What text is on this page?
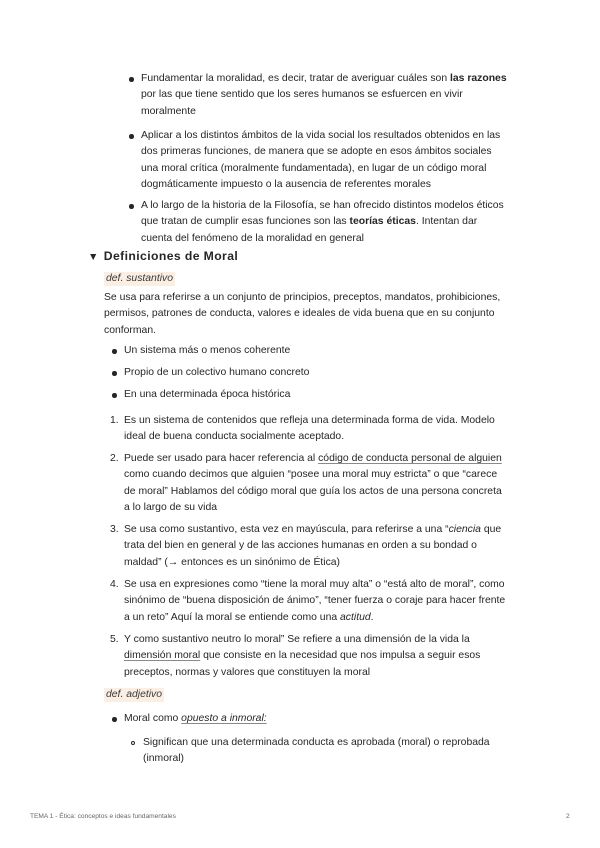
Fundamentar la moralidad, es decir, tratar de averiguar cuáles son las razones
por las que tiene sentido que los seres humanos se esfuercen en vivir
moralmente
Aplicar a los distintos ámbitos de la vida social los resultados obtenidos en las
dos primeras funciones, de manera que se adopte en esos ámbitos sociales
una moral crítica (moralmente fundamentada), en lugar de un código moral
dogmáticamente impuesto o la ausencia de referentes morales
A lo largo de la historia de la Filosofía, se han ofrecido distintos modelos éticos
que tratan de cumplir esas funciones son las teorías éticas. Intentan dar
cuenta del fenómeno de la moralidad en general
▼ Definiciones de Moral
def. sustantivo
Se usa para referirse a un conjunto de principios, preceptos, mandatos, prohibiciones,
permisos, patrones de conducta, valores e ideales de vida buena que en su conjunto
conforman.
Un sistema más o menos coherente
Propio de un colectivo humano concreto
En una determinada época histórica
1. Es un sistema de contenidos que refleja una determinada forma de vida. Modelo
ideal de buena conducta socialmente aceptado.
2. Puede ser usado para hacer referencia al código de conducta personal de alguien
como cuando decimos que alguien “posee una moral muy estricta” o que “carece
de moral” Hablamos del código moral que guía los actos de una persona concreta
a lo largo de su vida
3. Se usa como sustantivo, esta vez en mayúscula, para referirse a una “ciencia que
trata del bien en general y de las acciones humanas en orden a su bondad o
maldad” (→ entonces es un sinónimo de Ética)
4. Se usa en expresiones como “tiene la moral muy alta” o “está alto de moral”, como
sinónimo de “buena disposición de ánimo”, “tener fuerza o coraje para hacer frente
a un reto” Aquí la moral se entiende como una actitud.
5. Y como sustantivo neutro lo moral” Se refiere a una dimensión de la vida la
dimensión moral que consiste en la necesidad que nos impulsa a seguir esos
preceptos, normas y valores que constituyen la moral
def. adjetivo
Moral como opuesto a inmoral:
Significan que una determinada conducta es aprobada (moral) o reprobada
(inmoral)
TEMA 1 - Ética: conceptos e ideas fundamentales	2
